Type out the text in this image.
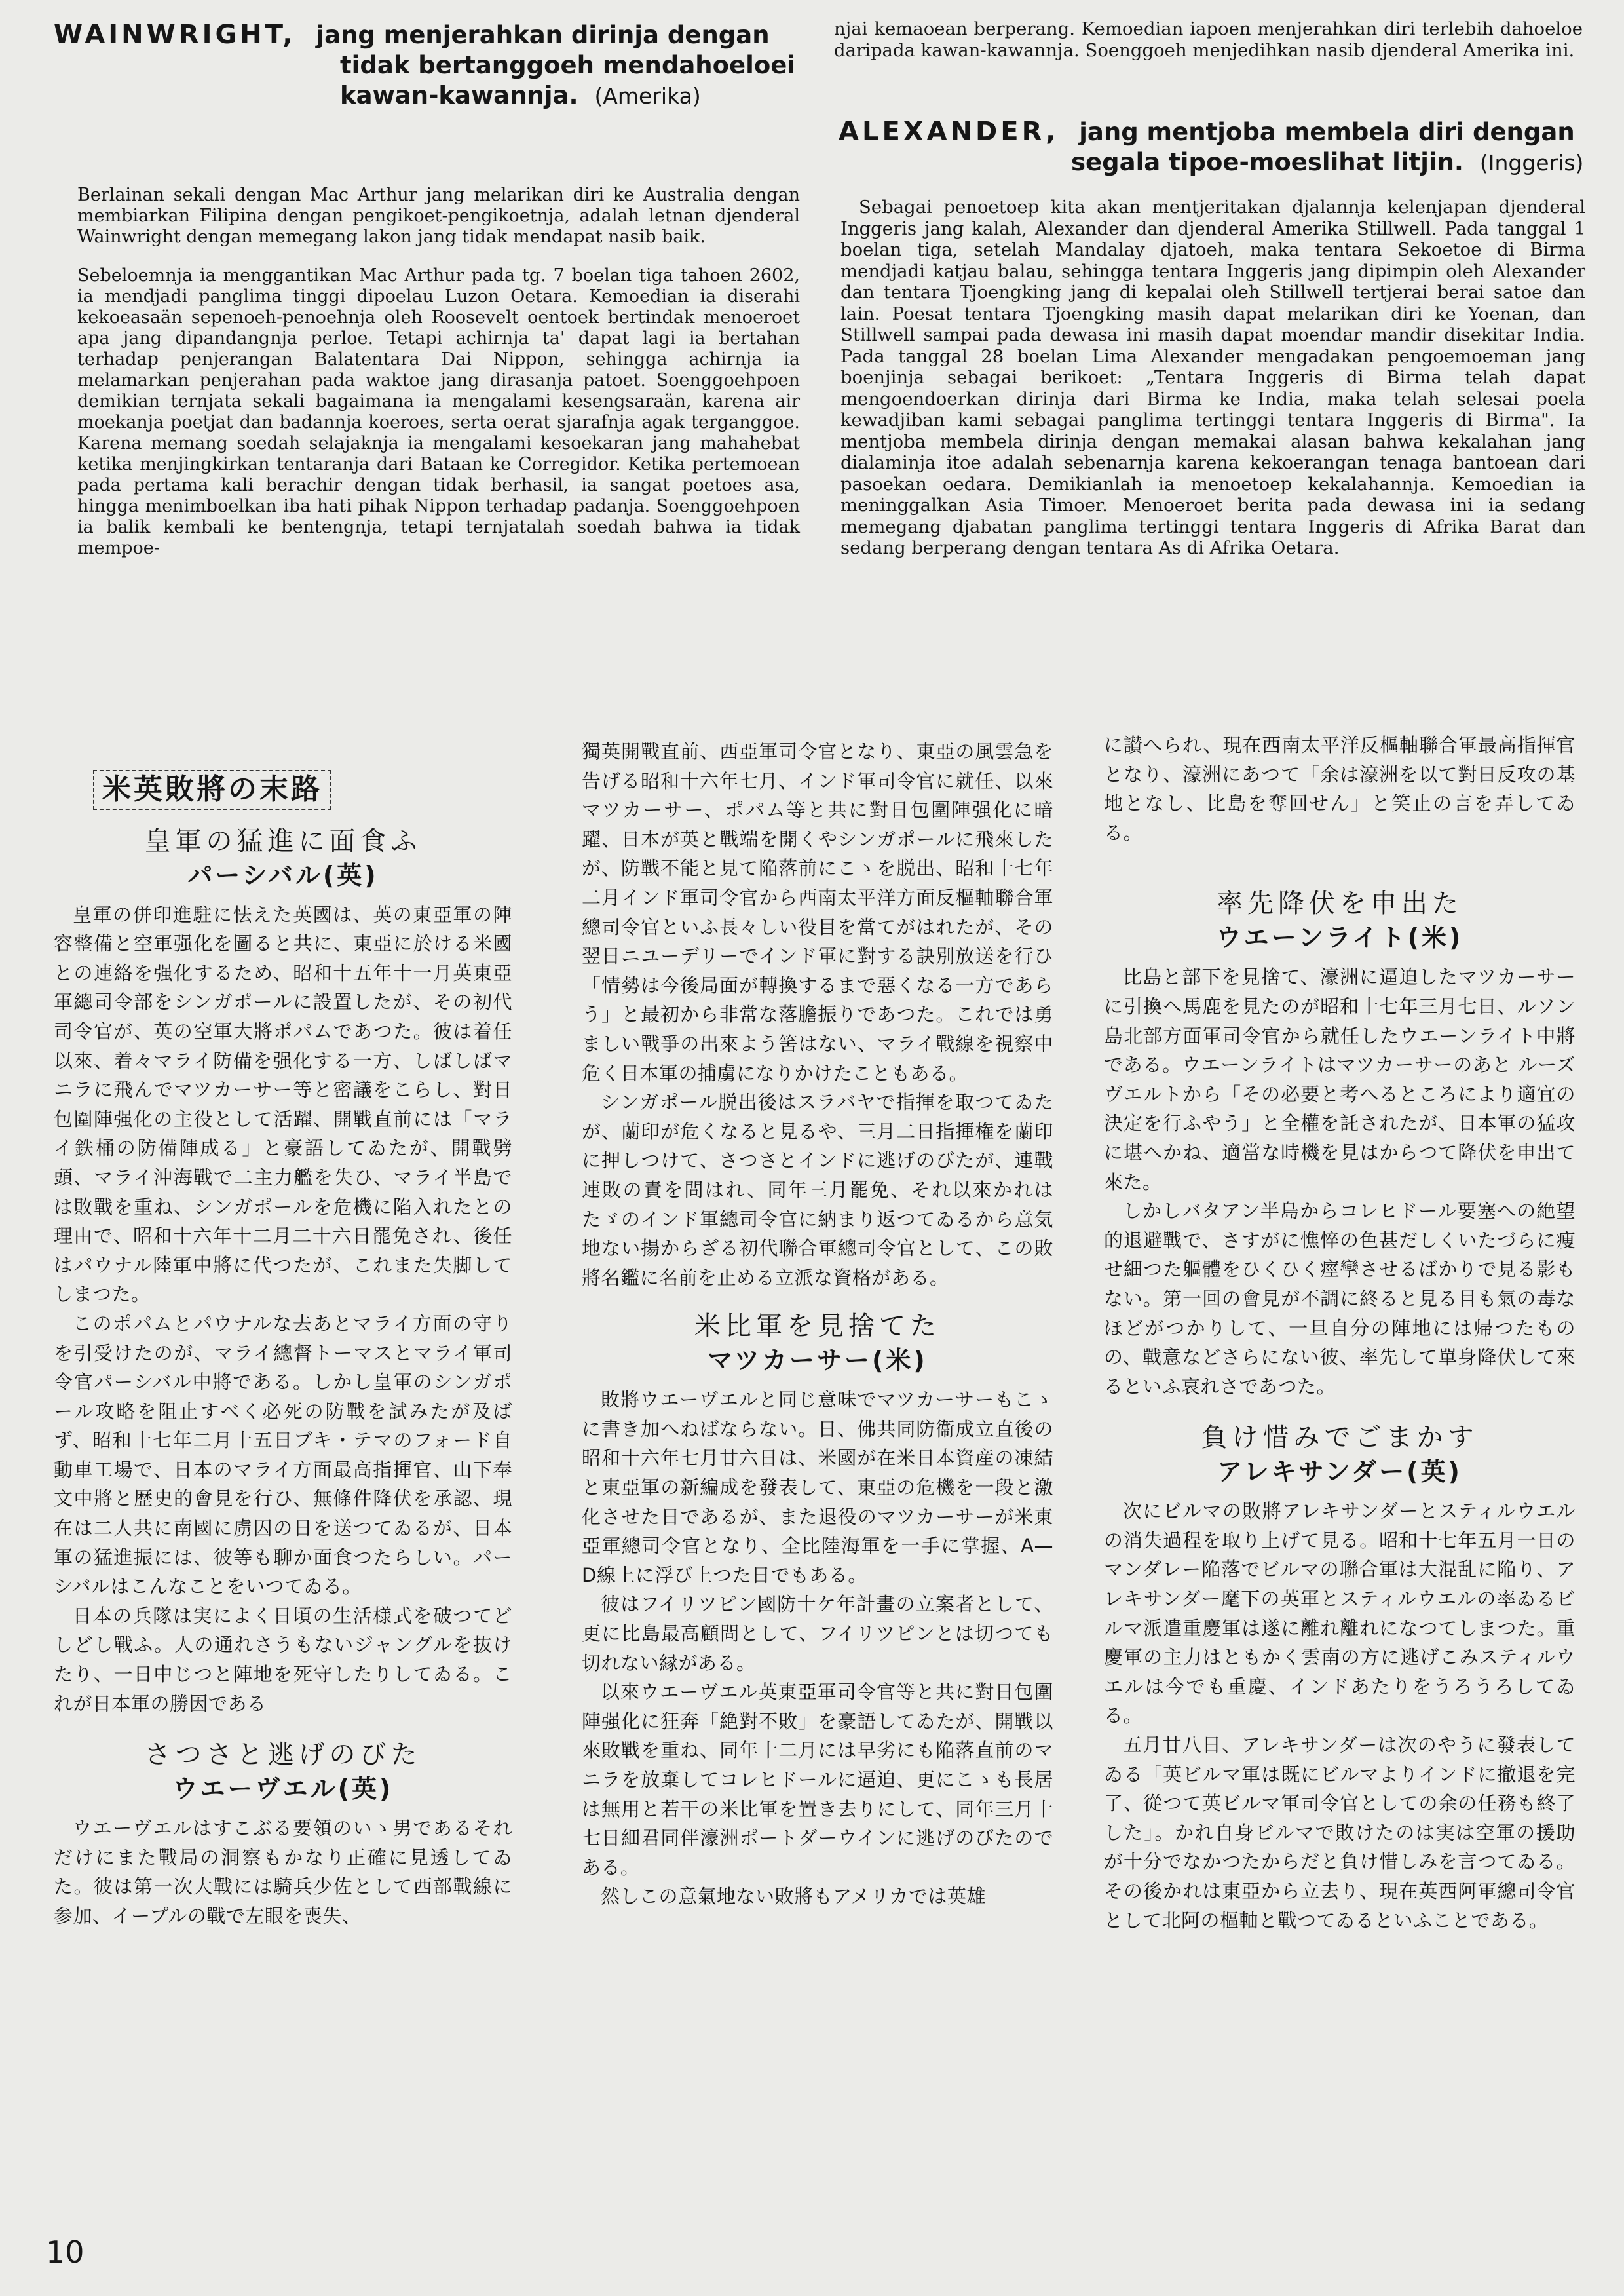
WAINWRIGHT, jang menjerahkan dirinja dengan
tidak bertanggoeh mendahoeloei
kawan-kawannja. (Amerika)
njai kemaoean berperang. Kemoedian iapoen menjerahkan diri terlebih dahoeloe daripada kawan-kawannja. Soenggoeh menjedihkan nasib djenderal Amerika ini.
ALEXANDER, jang mentjoba membela diri dengan
segala tipoe-moeslihat litjin. (Inggeris)

Berlainan sekali dengan Mac Arthur jang melarikan diri ke Australia dengan membiarkan Filipina dengan pengikoet-pengikoetnja, adalah letnan djenderal Wainwright dengan memegang lakon jang tidak mendapat nasib baik.

Sebeloemnja ia menggantikan Mac Arthur pada tg. 7 boelan tiga tahoen 2602, ia mendjadi panglima tinggi dipoelau Luzon Oetara. Kemoedian ia diserahi kekoeasaän sepenoeh-penoehnja oleh Roosevelt oentoek bertindak menoeroet apa jang dipandangnja perloe. Tetapi achirnja ta' dapat lagi ia bertahan terhadap penjerangan Balatentara Dai Nippon, sehingga achirnja ia melamarkan penjerahan pada waktoe jang dirasanja patoet. Soenggoehpoen demikian ternjata sekali bagaimana ia mengalami kesengsaraän, karena air moekanja poetjat dan badannja koeroes, serta oerat sjarafnja agak terganggoe. Karena memang soedah selajaknja ia mengalami kesoekaran jang mahahebat ketika menjingkirkan tentaranja dari Bataan ke Corregidor. Ketika pertemoean pada pertama kali berachir dengan tidak berhasil, ia sangat poetoes asa, hingga menimboelkan iba hati pihak Nippon terhadap padanja. Soenggoehpoen ia balik kembali ke bentengnja, tetapi ternjatalah soedah bahwa ia tidak mempoe-

Sebagai penoetoep kita akan mentjeritakan djalannja kelenjapan djenderal Inggeris jang kalah, Alexander dan djenderal Amerika Stillwell. Pada tanggal 1 boelan tiga, setelah Mandalay djatoeh, maka tentara Sekoetoe di Birma mendjadi katjau balau, sehingga tentara Inggeris jang dipimpin oleh Alexander dan tentara Tjoengking jang di kepalai oleh Stillwell tertjerai berai satoe dan lain. Poesat tentara Tjoengking masih dapat melarikan diri ke Yoenan, dan Stillwell sampai pada dewasa ini masih dapat moendar mandir disekitar India. Pada tanggal 28 boelan Lima Alexander mengadakan pengoemoeman jang boenjinja sebagai berikoet: „Tentara Inggeris di Birma telah dapat mengoendoerkan dirinja dari Birma ke India, maka telah selesai poela kewadjiban kami sebagai panglima tertinggi tentara Inggeris di Birma". Ia mentjoba membela dirinja dengan memakai alasan bahwa kekalahan jang dialaminja itoe adalah sebenarnja karena kekoerangan tenaga bantoean dari pasoekan oedara. Demikianlah ia menoetoep kekalahannja. Kemoedian ia meninggalkan Asia Timoer. Menoeroet berita pada dewasa ini ia sedang memegang djabatan panglima tertinggi tentara Inggeris di Afrika Barat dan sedang berperang dengan tentara As di Afrika Oetara.

米英敗將の末路
皇軍の猛進に面食ふ
パーシバル(英)

皇軍の併印進駐に怯えた英國は、英の東亞軍の陣容整備と空軍强化を圖ると共に、東亞に於ける米國との連絡を强化するため、昭和十五年十一月英東亞軍總司令部をシンガポールに設置したが、その初代司令官が、英の空軍大將ポパムであつた。彼は着任以來、着々マライ防備を强化する一方、しばしばマニラに飛んでマツカーサー等と密議をこらし、對日包圍陣强化の主役として活躍、開戰直前には「マライ鉄桶の防備陣成る」と豪語してゐたが、開戰劈頭、マライ沖海戰で二主力艦を失ひ、マライ半島では敗戰を重ね、シンガポールを危機に陷入れたとの理由で、昭和十六年十二月二十六日罷免され、後任はパウナル陸軍中將に代つたが、これまた失脚してしまつた。

このポパムとパウナルな去あとマライ方面の守りを引受けたのが、マライ總督トーマスとマライ軍司令官パーシバル中將である。しかし皇軍のシンガポール攻略を阻止すべく必死の防戰を試みたが及ばず、昭和十七年二月十五日ブキ・テマのフォード自動車工場で、日本のマライ方面最高指揮官、山下奉文中將と歴史的會見を行ひ、無條件降伏を承認、現在は二人共に南國に虜囚の日を送つてゐるが、日本軍の猛進振には、彼等も聊か面食つたらしい。パーシバルはこんなことをいつてゐる。

日本の兵隊は実によく日頃の生活様式を破つてどしどし戰ふ。人の通れさうもないジャングルを抜けたり、一日中じつと陣地を死守したりしてゐる。これが日本軍の勝因である

さつさと逃げのびた
ウエーヴエル(英)

ウエーヴエルはすこぶる要領のいゝ男であるそれだけにまた戰局の洞察もかなり正確に見透してゐた。彼は第一次大戰には騎兵少佐として西部戰線に参加、イープルの戰で左眼を喪失、

獨英開戰直前、西亞軍司令官となり、東亞の風雲急を告げる昭和十六年七月、インド軍司令官に就任、以來マツカーサー、ポパム等と共に對日包圍陣强化に暗躍、日本が英と戰端を開くやシンガポールに飛來したが、防戰不能と見て陥落前にこゝを脱出、昭和十七年二月インド軍司令官から西南太平洋方面反樞軸聯合軍總司令官といふ長々しい役目を當てがはれたが、その翌日ニユーデリーでインド軍に對する訣別放送を行ひ「情勢は今後局面が轉換するまで惡くなる一方であらう」と最初から非常な落膽振りであつた。これでは勇ましい戰爭の出來よう筈はない、マライ戰線を視察中危く日本軍の捕虜になりかけたこともある。

シンガポール脱出後はスラバヤで指揮を取つてゐたが、蘭印が危くなると見るや、三月二日指揮権を蘭印に押しつけて、さつさとインドに逃げのびたが、連戰連敗の責を問はれ、同年三月罷免、それ以來かれはたゞのインド軍總司令官に納まり返つてゐるから意気地ない揚からざる初代聯合軍總司令官として、この敗將名鑑に名前を止める立派な資格がある。

米比軍を見捨てた
マツカーサー(米)

敗將ウエーヴエルと同じ意味でマツカーサーもこゝに書き加へねばならない。日、佛共同防衞成立直後の昭和十六年七月廿六日は、米國が在米日本資産の凍結と東亞軍の新編成を發表して、東亞の危機を一段と激化させた日であるが、また退役のマツカーサーが米東亞軍總司令官となり、全比陸海軍を一手に掌握、A—D線上に浮び上つた日でもある。

彼はフイリツピン國防十ケ年計畫の立案者として、更に比島最高顧問として、フイリツピンとは切つても切れない縁がある。

以來ウエーヴエル英東亞軍司令官等と共に對日包圍陣强化に狂奔「絶對不敗」を豪語してゐたが、開戰以來敗戰を重ね、同年十二月には早劣にも陥落直前のマニラを放棄してコレヒドールに逼迫、更にこゝも長居は無用と若干の米比軍を置き去りにして、同年三月十七日細君同伴濠洲ポートダーウインに逃げのびたのである。

然しこの意氣地ない敗將もアメリカでは英雄

に讃へられ、現在西南太平洋反樞軸聯合軍最高指揮官となり、濠洲にあつて「余は濠洲を以て對日反攻の基地となし、比島を奪回せん」と笑止の言を弄してゐる。

率先降伏を申出た
ウエーンライト(米)

比島と部下を見捨て、濠洲に逼迫したマツカーサーに引換へ馬鹿を見たのが昭和十七年三月七日、ルソン島北部方面軍司令官から就任したウエーンライト中將である。ウエーンライトはマツカーサーのあと ルーズヴエルトから「その必要と考へるところにより適宜の決定を行ふやう」と全權を託されたが、日本軍の猛攻に堪へかね、適當な時機を見はからつて降伏を申出て來た。

しかしバタアン半島からコレヒドール要塞への絶望的退避戰で、さすがに憔悴の色甚だしくいたづらに痩せ細つた軀體をひくひく痙攣させるばかりで見る影もない。第一回の會見が不調に終ると見る目も氣の毒なほどがつかりして、一旦自分の陣地には帰つたものの、戰意などさらにない彼、率先して單身降伏して來るといふ哀れさであつた。

負け惜みでごまかす
アレキサンダー(英)

次にビルマの敗將アレキサンダーとスティルウエルの消失過程を取り上げて見る。昭和十七年五月一日のマンダレー陥落でビルマの聯合軍は大混乱に陥り、アレキサンダー麾下の英軍とスティルウエルの率ゐるビルマ派遣重慶軍は遂に離れ離れになつてしまつた。重慶軍の主力はともかく雲南の方に逃げこみスティルウエルは今でも重慶、インドあたりをうろうろしてゐる。

五月廿八日、アレキサンダーは次のやうに發表してゐる「英ビルマ軍は既にビルマよりインドに撤退を完了、從つて英ビルマ軍司令官としての余の任務も終了した」。かれ自身ビルマで敗けたのは実は空軍の援助が十分でなかつたからだと負け惜しみを言つてゐる。その後かれは東亞から立去り、現在英西阿軍總司令官として北阿の樞軸と戰つてゐるといふことである。

10
